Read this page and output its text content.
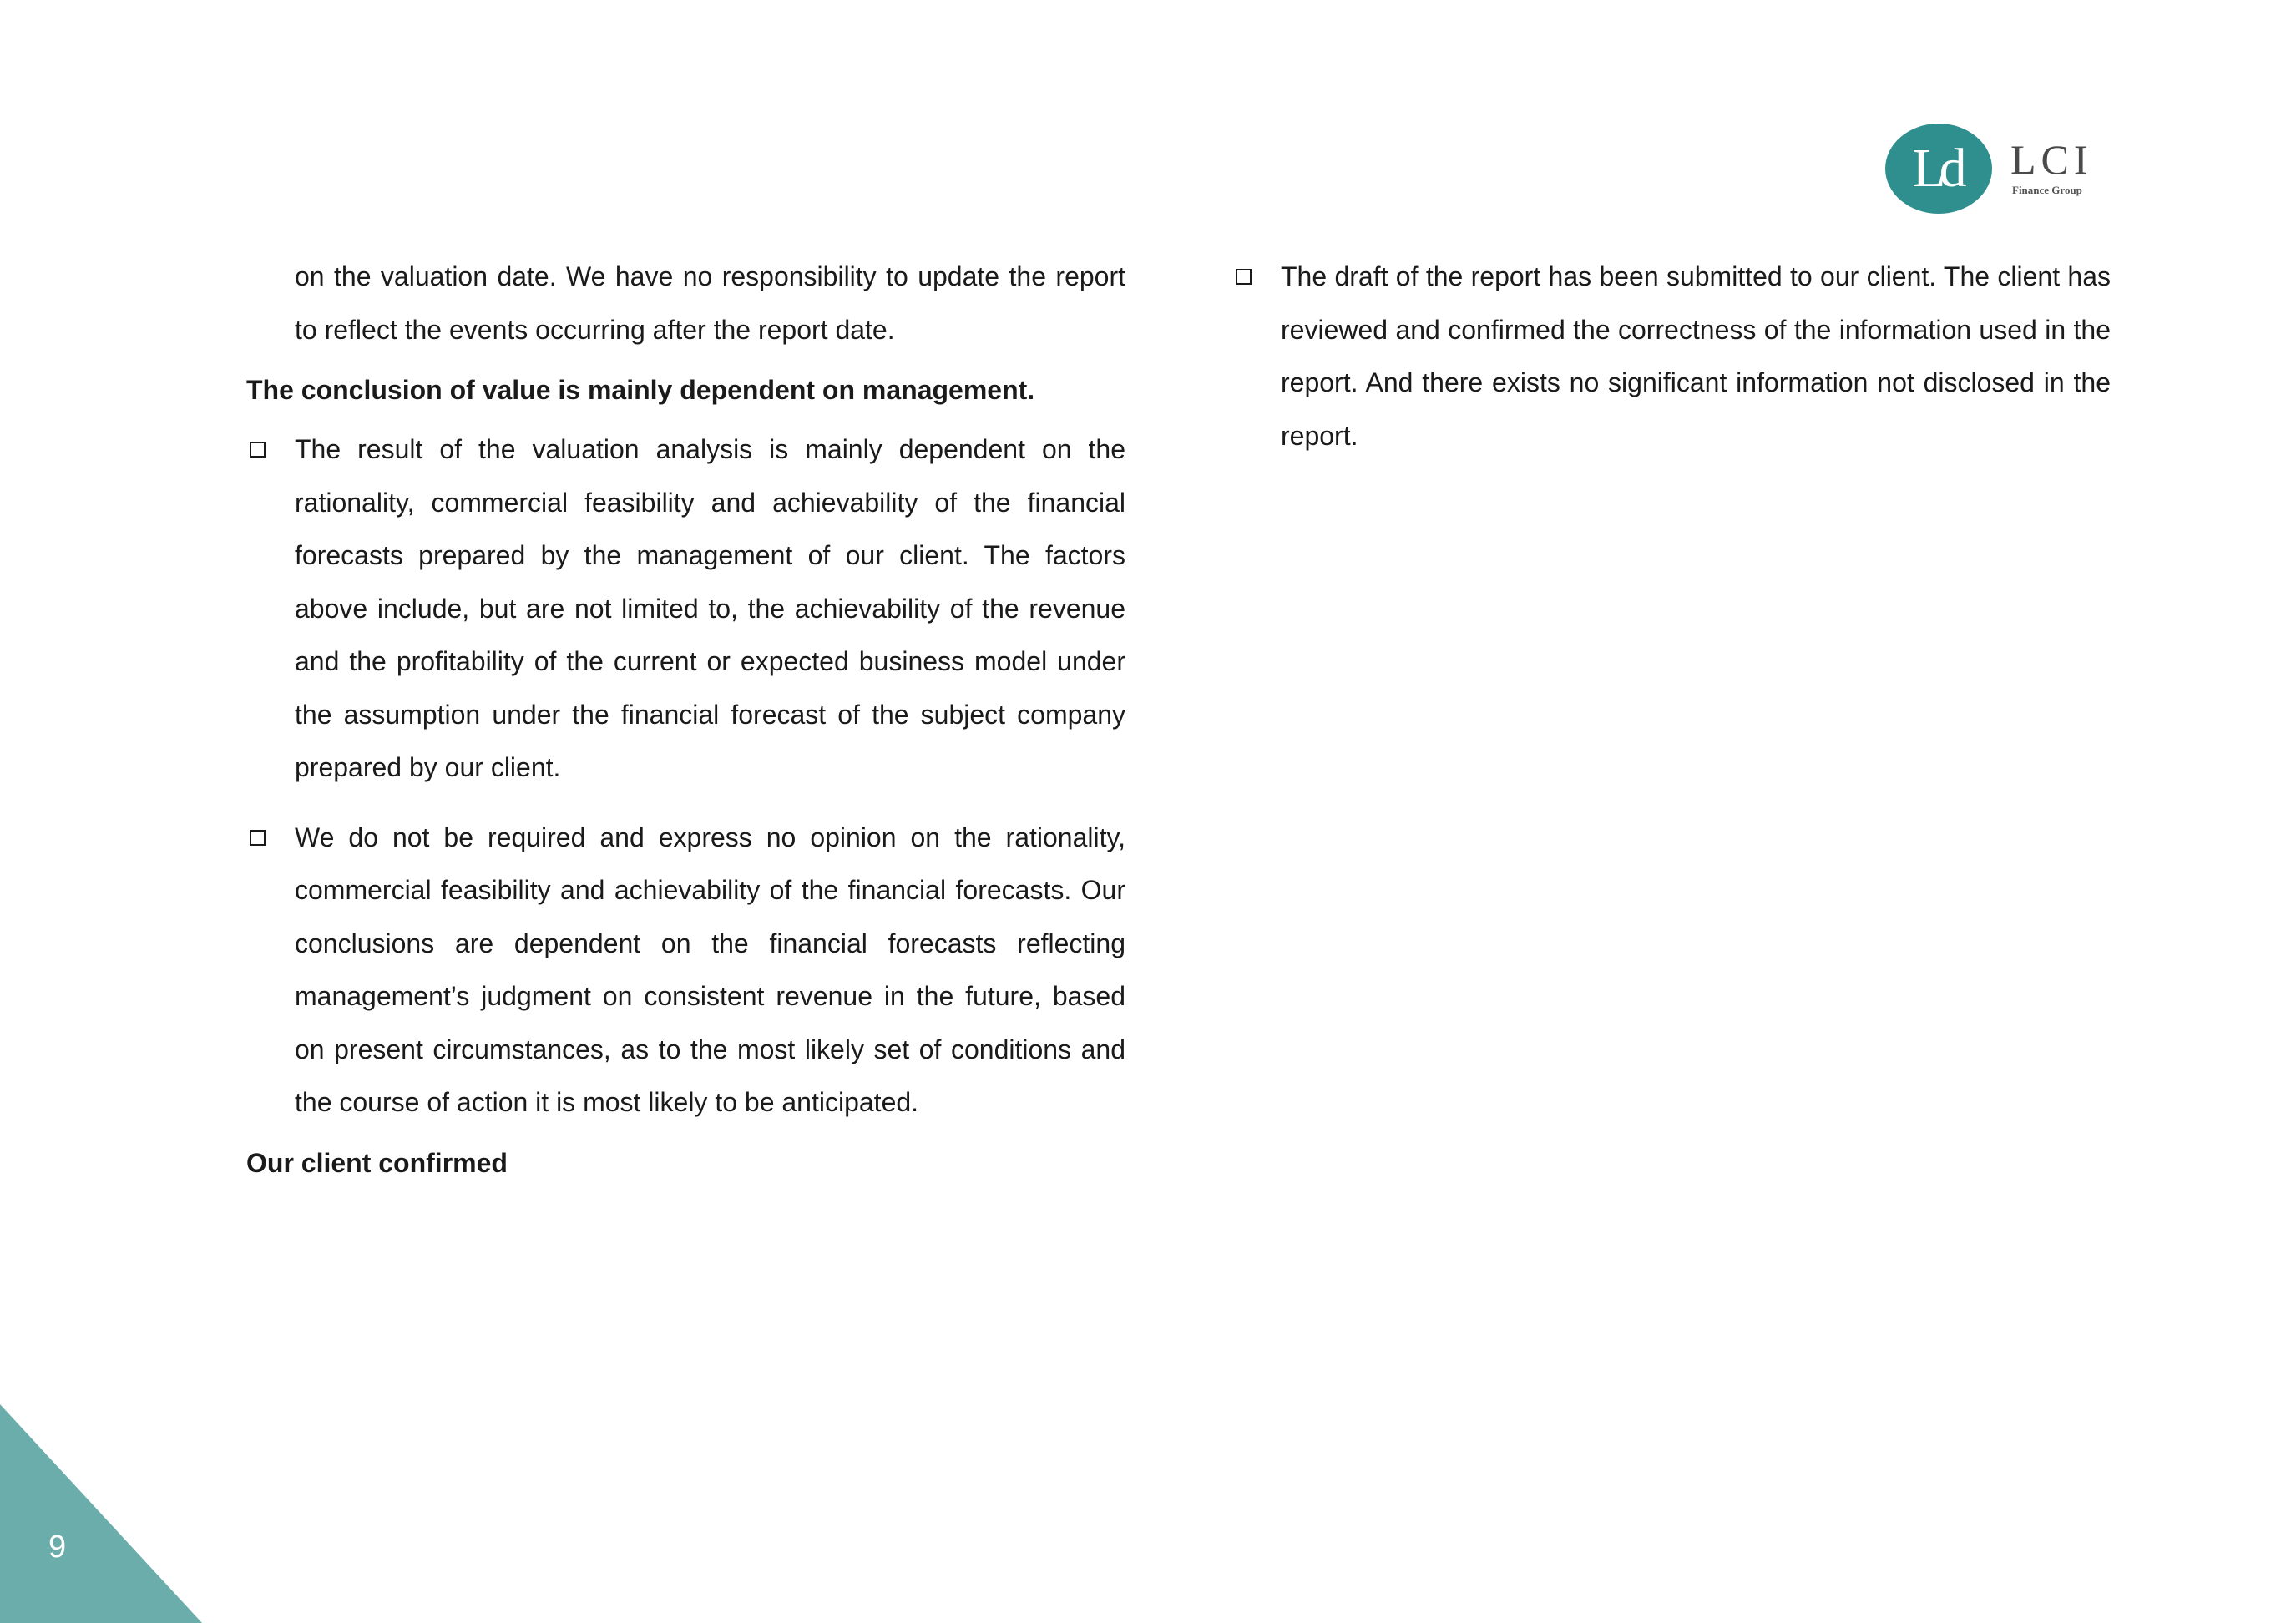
Ld LCI
Finance Group

on the valuation date. We have no responsibility to update the report to reflect the events occurring after the report date.

The conclusion of value is mainly dependent on management.

The result of the valuation analysis is mainly dependent on the rationality, commercial feasibility and achievability of the financial forecasts prepared by the management of our client. The factors above include, but are not limited to, the achievability of the revenue and the profitability of the current or expected business model under the assumption under the financial forecast of the subject company prepared by our client.

We do not be required and express no opinion on the rationality, commercial feasibility and achievability of the financial forecasts. Our conclusions are dependent on the financial forecasts reflecting management’s judgment on consistent revenue in the future, based on present circumstances, as to the most likely set of conditions and the course of action it is most likely to be anticipated.

Our client confirmed

The draft of the report has been submitted to our client. The client has reviewed and confirmed the correctness of the information used in the report. And there exists no significant information not disclosed in the report.

9
